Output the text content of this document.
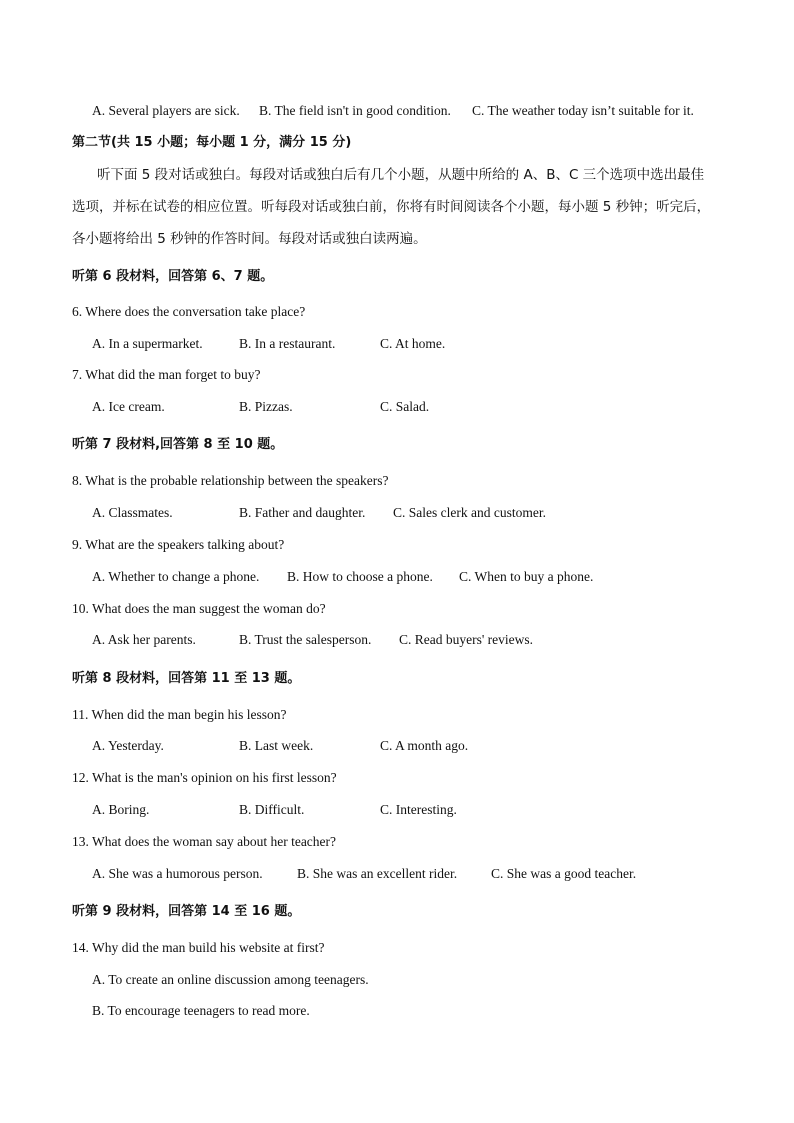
A. Several players are sick. B. The field isn't in good condition. C. The weather today isn’t suitable for it.
第二节(共 15 小题；每小题 1 分，满分 15 分)
听下面 5 段对话或独白。每段对话或独白后有几个小题，从题中所给的 A、B、C 三个选项中选出最佳
选项，并标在试卷的相应位置。听每段对话或独白前，你将有时间阅读各个小题，每小题 5 秒钟；听完后，
各小题将给出 5 秒钟的作答时间。每段对话或独白读两遍。
听第 6 段材料，回答第 6、7 题。
6. Where does the conversation take place?
A. In a supermarket.	B. In a restaurant.	C. At home.
7. What did the man forget to buy?
A. Ice cream.	B. Pizzas.	C. Salad.
听第 7 段材料,回答第 8 至 10 题。
8. What is the probable relationship between the speakers?
A. Classmates.	B. Father and daughter. C. Sales clerk and customer.
9. What are the speakers talking about?
A. Whether to change a phone. B. How to choose a phone. C. When to buy a phone.
10. What does the man suggest the woman do?
A. Ask her parents.	B. Trust the salesperson. C. Read buyers' reviews.
听第 8 段材料，回答第 11 至 13 题。
11. When did the man begin his lesson?
A. Yesterday.	B. Last week.	C. A month ago.
12. What is the man's opinion on his first lesson?
A. Boring.	B. Difficult.	C. Interesting.
13. What does the woman say about her teacher?
A. She was a humorous person.	B. She was an excellent rider.	C. She was a good teacher.
听第 9 段材料，回答第 14 至 16 题。
14. Why did the man build his website at first?
A. To create an online discussion among teenagers.
B. To encourage teenagers to read more.
